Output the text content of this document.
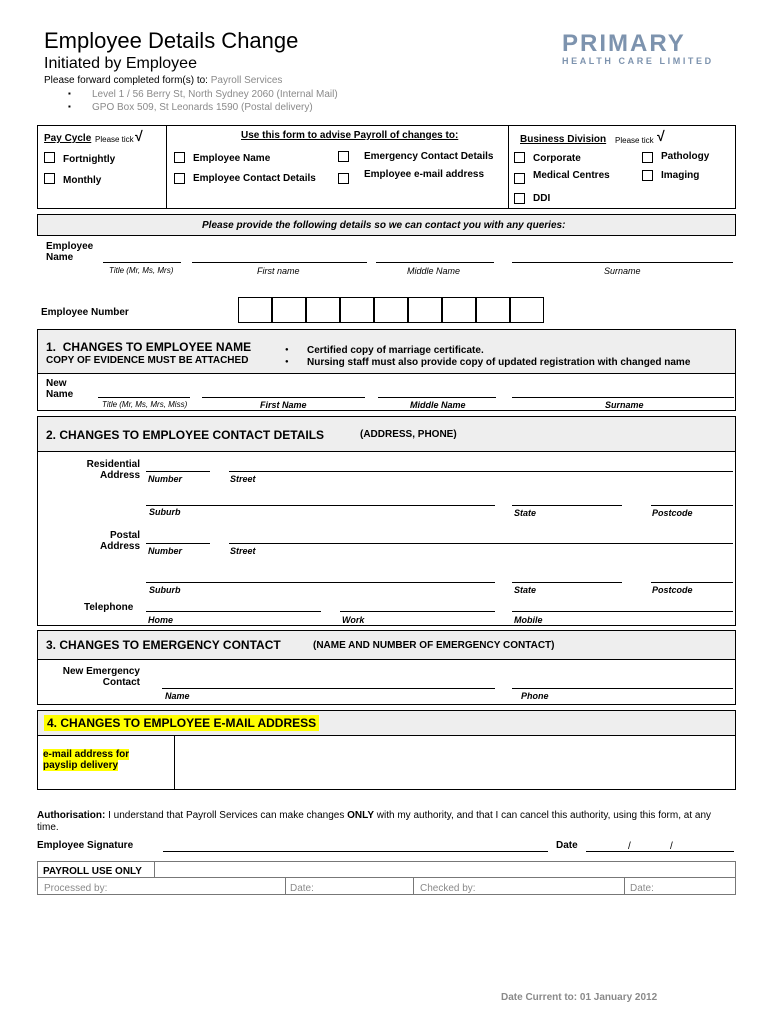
Employee Details Change
Initiated by Employee
Please forward completed form(s) to: Payroll Services
▪ Level 1 / 56 Berry St, North Sydney 2060 (Internal Mail)
▪ GPO Box 509, St Leonards 1590 (Postal delivery)
PRIMARY
HEALTH CARE LIMITED
Pay Cycle Please tick √
Fortnightly
Monthly
Use this form to advise Payroll of changes to:
Employee Name
Employee Contact Details
Emergency Contact Details
Employee e-mail address
Business Division Please tick √
Corporate
Medical Centres
DDI
Pathology
Imaging
Please provide the following details so we can contact you with any queries:
Employee
Name
Title (Mr, Ms, Mrs)	First name	Middle Name	Surname
Employee Number
1. CHANGES TO EMPLOYEE NAME
COPY OF EVIDENCE MUST BE ATTACHED
● Certified copy of marriage certificate.
● Nursing staff must also provide copy of updated registration with changed name
New
Name
Title (Mr, Ms, Mrs, Miss)	First Name	Middle Name	Surname
2. CHANGES TO EMPLOYEE CONTACT DETAILS	(ADDRESS, PHONE)
Residential
Address Number	Street
Suburb	State	Postcode
Postal
Address Number	Street
Suburb	State	Postcode
Telephone
Home	Work	Mobile
3. CHANGES TO EMERGENCY CONTACT	(NAME AND NUMBER OF EMERGENCY CONTACT)
New Emergency
Contact
Name	Phone
4. CHANGES TO EMPLOYEE E-MAIL ADDRESS
e-mail address for
payslip delivery
Authorisation: I understand that Payroll Services can make changes ONLY with my authority, and that I can cancel this authority, using this form, at any
time.
Employee Signature	Date	/	/
PAYROLL USE ONLY
Processed by:	Date:	Checked by:	Date:
Date Current to: 01 January 2012
